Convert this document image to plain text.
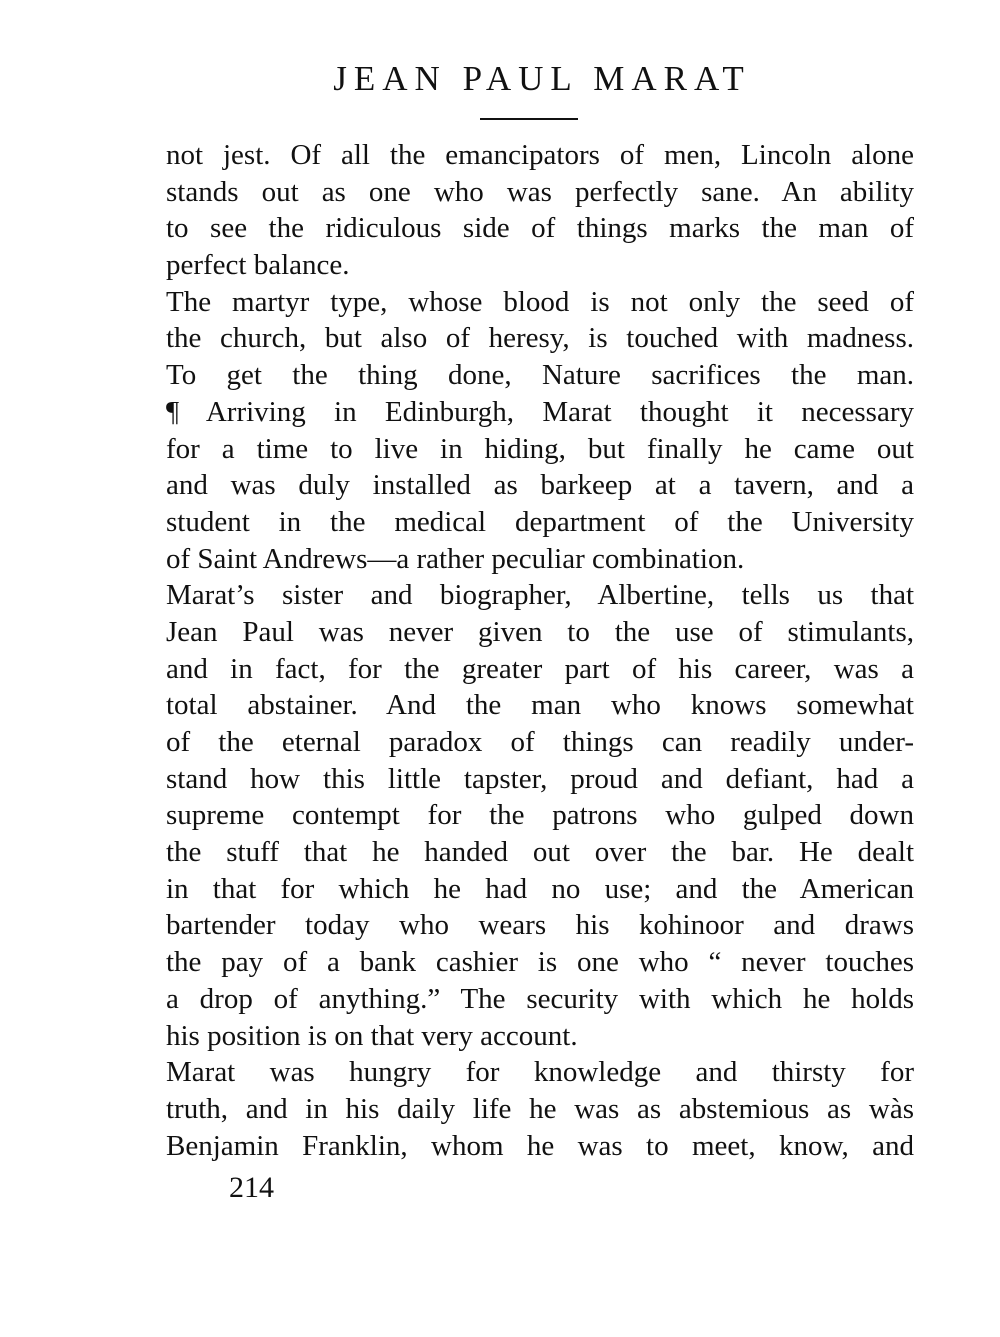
JEAN PAUL MARAT
not jest. Of all the emancipators of men, Lincoln alone
stands out as one who was perfectly sane. An ability
to see the ridiculous side of things marks the man of
perfect balance.
The martyr type, whose blood is not only the seed of
the church, but also of heresy, is touched with madness.
To get the thing done, Nature sacrifices the man.
¶ Arriving in Edinburgh, Marat thought it necessary
for a time to live in hiding, but finally he came out
and was duly installed as barkeep at a tavern, and a
student in the medical department of the University
of Saint Andrews—a rather peculiar combination.
Marat’s sister and biographer, Albertine, tells us that
Jean Paul was never given to the use of stimulants,
and in fact, for the greater part of his career, was a
total abstainer. And the man who knows somewhat
of the eternal paradox of things can readily under-
stand how this little tapster, proud and defiant, had a
supreme contempt for the patrons who gulped down
the stuff that he handed out over the bar. He dealt
in that for which he had no use; and the American
bartender today who wears his kohinoor and draws
the pay of a bank cashier is one who “ never touches
a drop of anything.” The security with which he holds
his position is on that very account.
Marat was hungry for knowledge and thirsty for
truth, and in his daily life he was as abstemious as wàs
Benjamin Franklin, whom he was to meet, know, and
214
